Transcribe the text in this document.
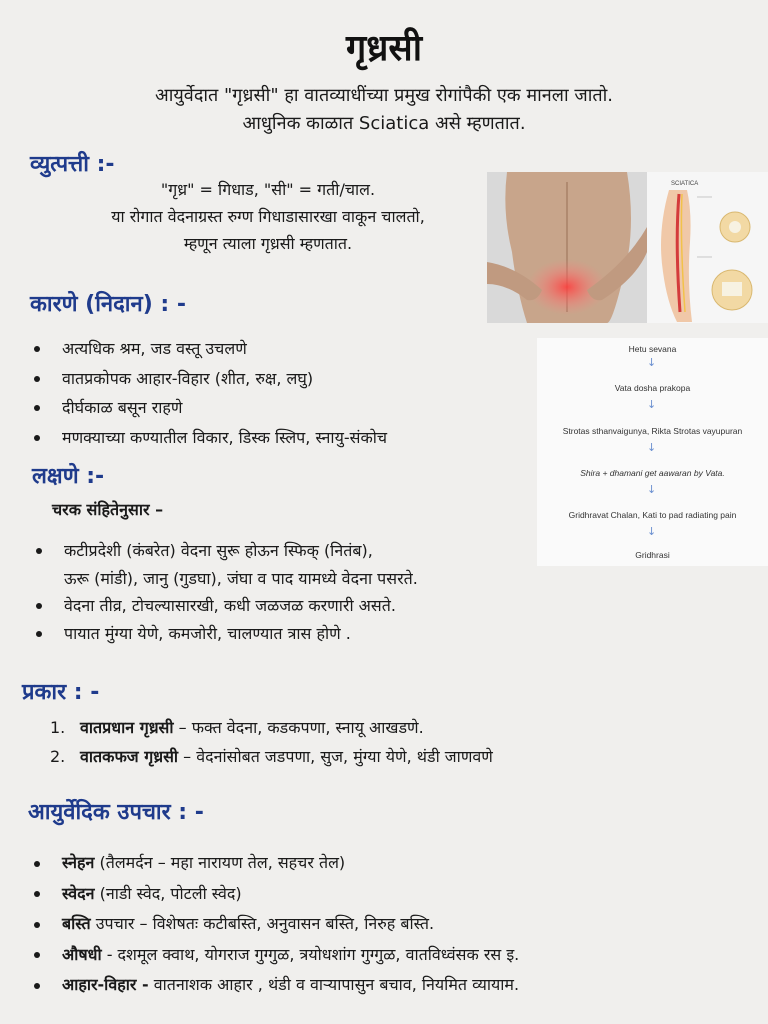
गृध्रसी
आयुर्वेदात "गृध्रसी" हा वातव्याधींच्या प्रमुख रोगांपैकी एक मानला जातो.
आधुनिक काळात Sciatica असे म्हणतात.
व्युत्पत्ती :-
"गृध्र" = गिधाड, "सी" = गती/चाल.
या रोगात वेदनाग्रस्त रुग्ण गिधाडासारखा वाकून चालतो,
म्हणून त्याला गृध्रसी म्हणतात.
SCIATICA
कारणे (निदान) : -
अत्यधिक श्रम, जड वस्तू उचलणे
वातप्रकोपक आहार-विहार (शीत, रुक्ष, लघु)
दीर्घकाळ बसून राहणे
मणक्याच्या कण्यातील विकार, डिस्क स्लिप, स्नायु-संकोच
Hetu sevana
↓
Vata dosha prakopa
↓
Strotas sthanvaigunya, Rikta Strotas vayupuran
↓
Shira + dhamani get aawaran by Vata.
↓
Gridhravat Chalan, Kati to pad radiating pain
↓
Gridhrasi
लक्षणे :-
चरक संहितेनुसार –
कटीप्रदेशी (कंबरेत) वेदना सुरू होऊन स्फिक् (नितंब),
ऊरू (मांडी), जानु (गुडघा), जंघा व पाद यामध्ये वेदना पसरते.
वेदना तीव्र, टोचल्यासारखी, कधी जळजळ करणारी असते.
पायात मुंग्या येणे, कमजोरी, चालण्यात त्रास होणे .
प्रकार : -
1. वातप्रधान गृध्रसी – फक्त वेदना, कडकपणा, स्नायू आखडणे.
2. वातकफज गृध्रसी – वेदनांसोबत जडपणा, सुज, मुंग्या येणे, थंडी जाणवणे
आयुर्वेदिक उपचार : -
स्नेहन (तैलमर्दन – महा नारायण तेल, सहचर तेल)
स्वेदन (नाडी स्वेद, पोटली स्वेद)
बस्ति उपचार – विशेषतः कटीबस्ति, अनुवासन बस्ति, निरुह बस्ति.
औषधी - दशमूल क्वाथ, योगराज गुग्गुळ, त्रयोधशांग गुग्गुळ, वातविध्वंसक रस इ.
आहार-विहार - वातनाशक आहार , थंडी व वाऱ्यापासुन बचाव, नियमित व्यायाम.
